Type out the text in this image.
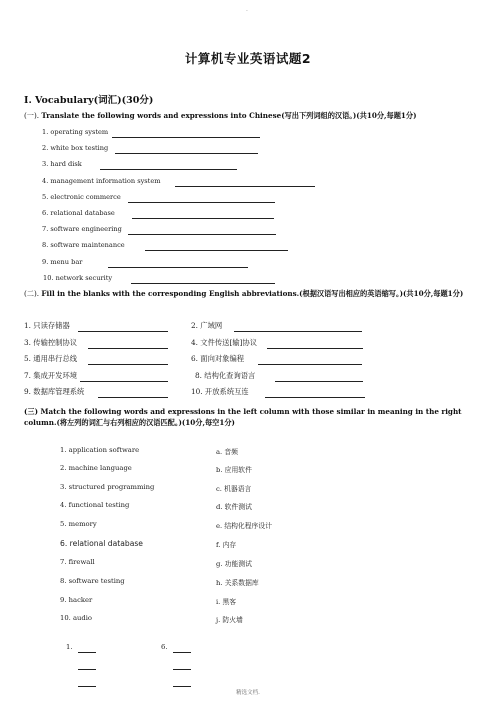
.
计算机专业英语试题2
Ⅰ. Vocabulary(词汇)(30分)
(一). Translate the following words and expressions into Chinese(写出下列词组的汉语。)(共10分,每题1分)
1. operating system
2. white box testing
3. hard disk
4. management information system
5. electronic commerce
6. relational database
7. software engineering
8. software maintenance
9. menu bar
10. network security
(二). Fill in the blanks with the corresponding English abbreviations.(根据汉语写出相应的英语缩写。)(共10分,每题1分)
1. 只读存储器	2. 广域网
3. 传输控制协议	4. 文件传送[输]协议
5. 通用串行总线	6. 面向对象编程
7. 集成开发环境	8. 结构化查询语言
9. 数据库管理系统	10. 开放系统互连
(三) Match the following words and expressions in the left column with those similar in meaning in the right column.(将左列的词汇与右列相应的汉语匹配。)(10分,每空1分)
1. application software	a. 音频
2. machine language	b. 应用软件
3. structured programming	c. 机器语言
4. functional testing	d. 软件测试
5. memory	e. 结构化程序设计
6. relational database	f. 内存
7. firewall	g. 功能测试
8. software testing	h. 关系数据库
9. hacker	i. 黑客
10. audio	j. 防火墙
1.	6.
精选文档.
